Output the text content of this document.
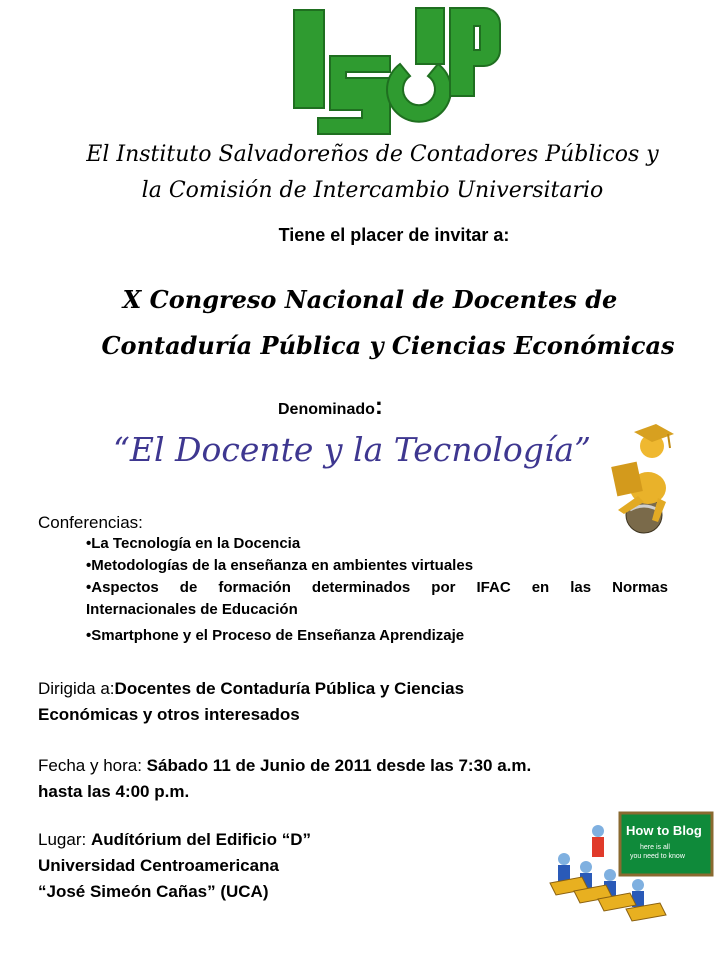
El Instituto Salvadoreños de Contadores Públicos y
la Comisión de Intercambio Universitario
Tiene el placer de invitar a:
X Congreso Nacional de Docentes de
Contaduría Pública y Ciencias Económicas
Denominado:
“El Docente y la Tecnología”
Conferencias:
•La Tecnología en la Docencia
•Metodologías de la enseñanza en ambientes virtuales
•Aspectos de formación determinados por IFAC en las Normas
Internacionales de Educación
•Smartphone y el Proceso de Enseñanza Aprendizaje
Dirigida a:Docentes de Contaduría Pública y Ciencias
Económicas y otros interesados
Fecha y hora: Sábado 11 de Junio de 2011 desde las 7:30 a.m.
hasta las 4:00 p.m.
Lugar: Audítórium del Edificio “D”
Universidad Centroamericana
“José Simeón Cañas” (UCA)
How to Blog
here is all
you need to know
